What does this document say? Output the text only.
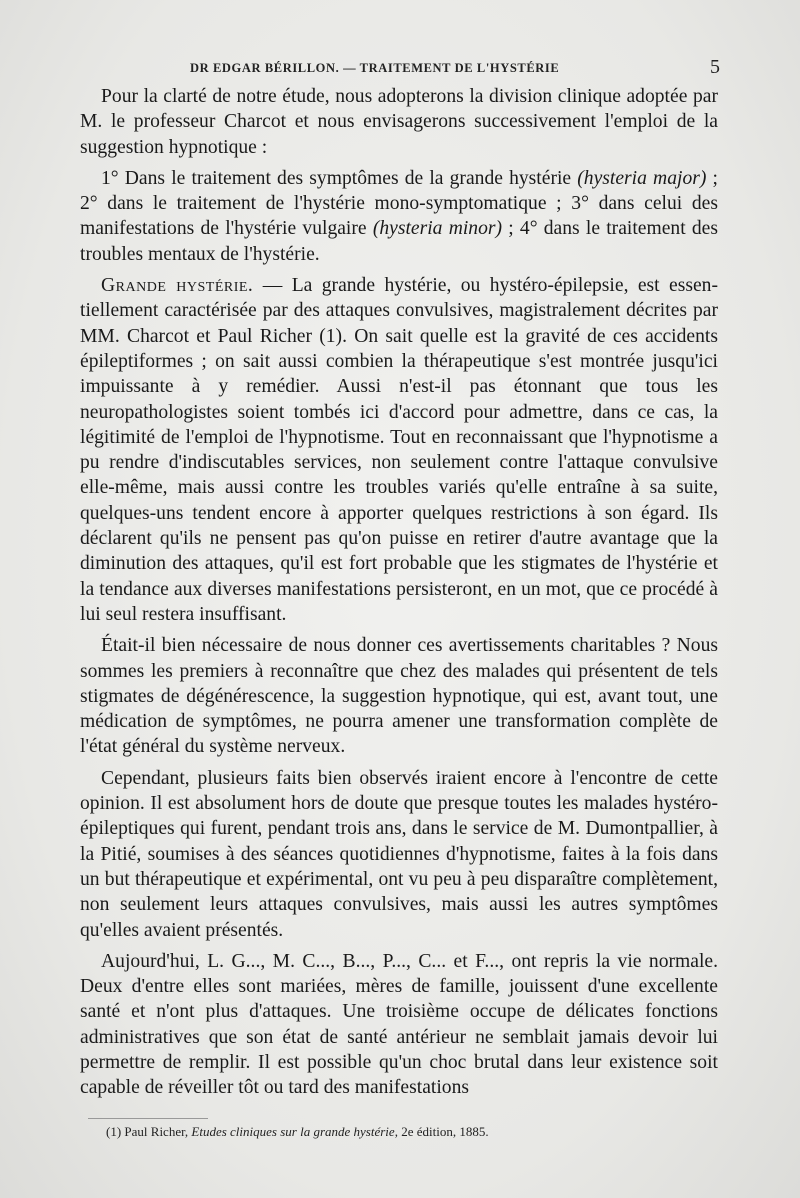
DR EDGAR BÉRILLON. — TRAITEMENT DE L'HYSTÉRIE	5

Pour la clarté de notre étude, nous adopterons la division clinique adoptée par M. le professeur Charcot et nous envisagerons successivement l'emploi de la suggestion hypnotique :

1° Dans le traitement des symptômes de la grande hystérie (hysteria major) ; 2° dans le traitement de l'hystérie mono-symptomatique ; 3° dans celui des manifestations de l'hystérie vulgaire (hysteria minor) ; 4° dans le traitement des troubles mentaux de l'hystérie.

Grande hystérie. — La grande hystérie, ou hystéro-épilepsie, est essentiellement caractérisée par des attaques convulsives, magistralement décrites par MM. Charcot et Paul Richer (1). On sait quelle est la gravité de ces accidents épileptiformes ; on sait aussi combien la thérapeutique s'est montrée jusqu'ici impuissante à y remédier. Aussi n'est-il pas étonnant que tous les neuropathologistes soient tombés ici d'accord pour admettre, dans ce cas, la légitimité de l'emploi de l'hypnotisme. Tout en reconnaissant que l'hypnotisme a pu rendre d'indiscutables services, non seulement contre l'attaque convulsive elle-même, mais aussi contre les troubles variés qu'elle entraîne à sa suite, quelques-uns tendent encore à apporter quelques restrictions à son égard. Ils déclarent qu'ils ne pensent pas qu'on puisse en retirer d'autre avantage que la diminution des attaques, qu'il est fort probable que les stigmates de l'hystérie et la tendance aux diverses manifestations persisteront, en un mot, que ce procédé à lui seul restera insuffisant.

Était-il bien nécessaire de nous donner ces avertissements charitables ? Nous sommes les premiers à reconnaître que chez des malades qui présentent de tels stigmates de dégénérescence, la suggestion hypnotique, qui est, avant tout, une médication de symptômes, ne pourra amener une transformation complète de l'état général du système nerveux.

Cependant, plusieurs faits bien observés iraient encore à l'encontre de cette opinion. Il est absolument hors de doute que presque toutes les malades hystéro-épileptiques qui furent, pendant trois ans, dans le service de M. Dumontpallier, à la Pitié, soumises à des séances quotidiennes d'hypnotisme, faites à la fois dans un but thérapeutique et expérimental, ont vu peu à peu disparaître complètement, non seulement leurs attaques convulsives, mais aussi les autres symptômes qu'elles avaient présentés.

Aujourd'hui, L. G..., M. C..., B..., P..., C... et F..., ont repris la vie normale. Deux d'entre elles sont mariées, mères de famille, jouissent d'une excellente santé et n'ont plus d'attaques. Une troisième occupe de délicates fonctions administratives que son état de santé antérieur ne semblait jamais devoir lui permettre de remplir. Il est possible qu'un choc brutal dans leur existence soit capable de réveiller tôt ou tard des manifestations

(1) Paul Richer, Etudes cliniques sur la grande hystérie, 2e édition, 1885.
